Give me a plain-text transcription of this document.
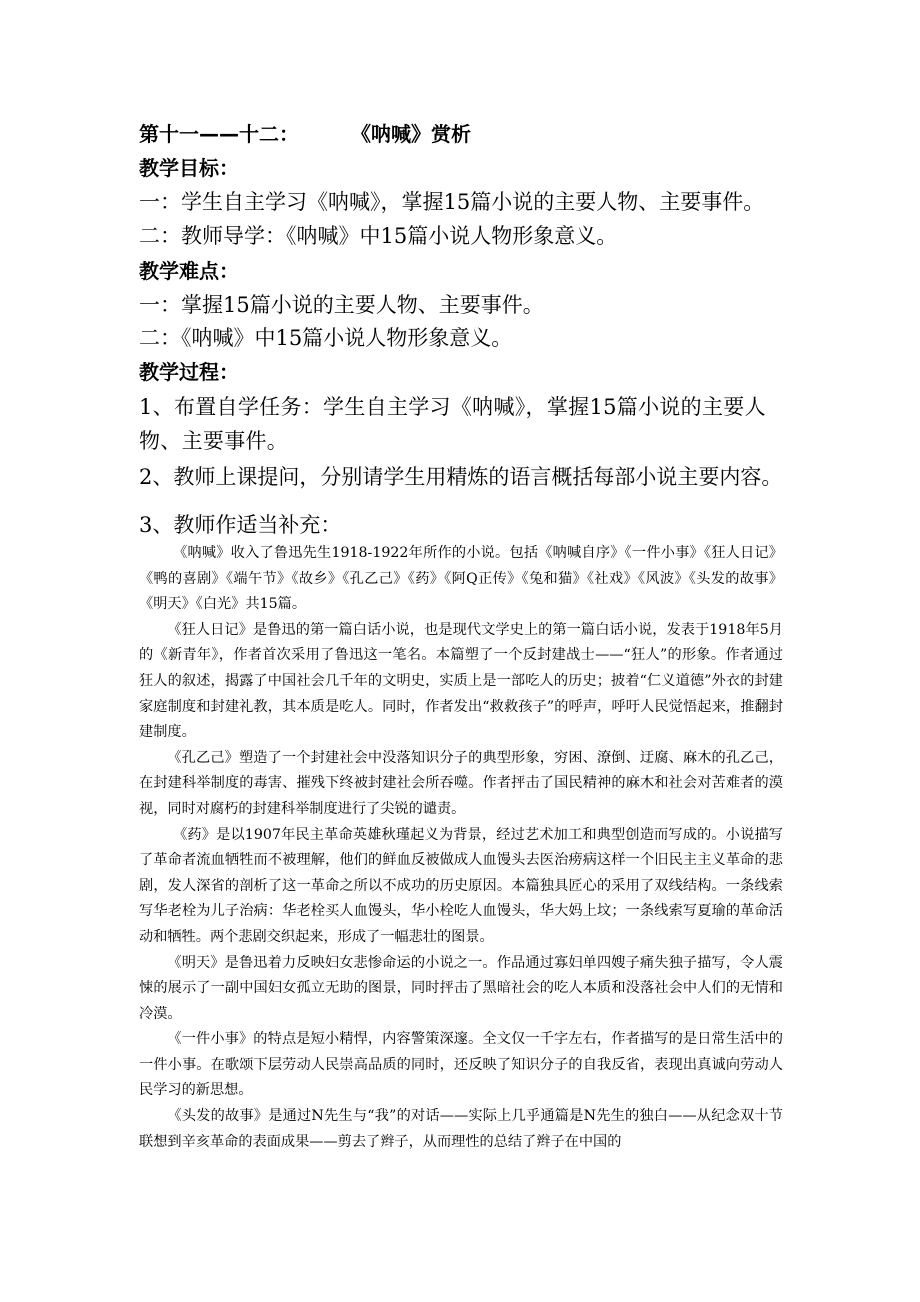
第十一——十二：	《呐喊》赏析
教学目标：
一：学生自主学习《呐喊》，掌握15篇小说的主要人物、主要事件。
二：教师导学：《呐喊》中15篇小说人物形象意义。
教学难点：
一：掌握15篇小说的主要人物、主要事件。
二：《呐喊》中15篇小说人物形象意义。
教学过程：
1、布置自学任务：学生自主学习《呐喊》，掌握15篇小说的主要人物、主要事件。
2、教师上课提问，分别请学生用精炼的语言概括每部小说主要内容。
3、教师作适当补充：

《呐喊》收入了鲁迅先生1918-1922年所作的小说。包括《呐喊自序》《一件小事》《狂人日记》《鸭的喜剧》《端午节》《故乡》《孔乙己》《药》《阿Q正传》《兔和猫》《社戏》《风波》《头发的故事》《明天》《白光》共15篇。

《狂人日记》是鲁迅的第一篇白话小说，也是现代文学史上的第一篇白话小说，发表于1918年5月的《新青年》，作者首次采用了鲁迅这一笔名。本篇塑了一个反封建战士——“狂人”的形象。作者通过狂人的叙述，揭露了中国社会几千年的文明史，实质上是一部吃人的历史；披着“仁义道德”外衣的封建家庭制度和封建礼教，其本质是吃人。同时，作者发出“救救孩子”的呼声，呼吁人民觉悟起来，推翻封建制度。

《孔乙己》塑造了一个封建社会中没落知识分子的典型形象，穷困、潦倒、迂腐、麻木的孔乙己，在封建科举制度的毒害、摧残下终被封建社会所吞噬。作者抨击了国民精神的麻木和社会对苦难者的漠视，同时对腐朽的封建科举制度进行了尖锐的谴责。

《药》是以1907年民主革命英雄秋瑾起义为背景，经过艺术加工和典型创造而写成的。小说描写了革命者流血牺牲而不被理解，他们的鲜血反被做成人血馒头去医治痨病这样一个旧民主主义革命的悲剧，发人深省的剖析了这一革命之所以不成功的历史原因。本篇独具匠心的采用了双线结构。一条线索写华老栓为儿子治病：华老栓买人血馒头，华小栓吃人血馒头，华大妈上坟；一条线索写夏瑜的革命活动和牺牲。两个悲剧交织起来，形成了一幅悲壮的图景。

《明天》是鲁迅着力反映妇女悲惨命运的小说之一。作品通过寡妇单四嫂子痛失独子描写，令人震悚的展示了一副中国妇女孤立无助的图景，同时抨击了黑暗社会的吃人本质和没落社会中人们的无情和冷漠。

《一件小事》的特点是短小精悍，内容警策深邃。全文仅一千字左右，作者描写的是日常生活中的一件小事。在歌颂下层劳动人民崇高品质的同时，还反映了知识分子的自我反省，表现出真诚向劳动人民学习的新思想。

《头发的故事》是通过N先生与“我”的对话——实际上几乎通篇是N先生的独白——从纪念双十节联想到辛亥革命的表面成果——剪去了辫子，从而理性的总结了辫子在中国的
